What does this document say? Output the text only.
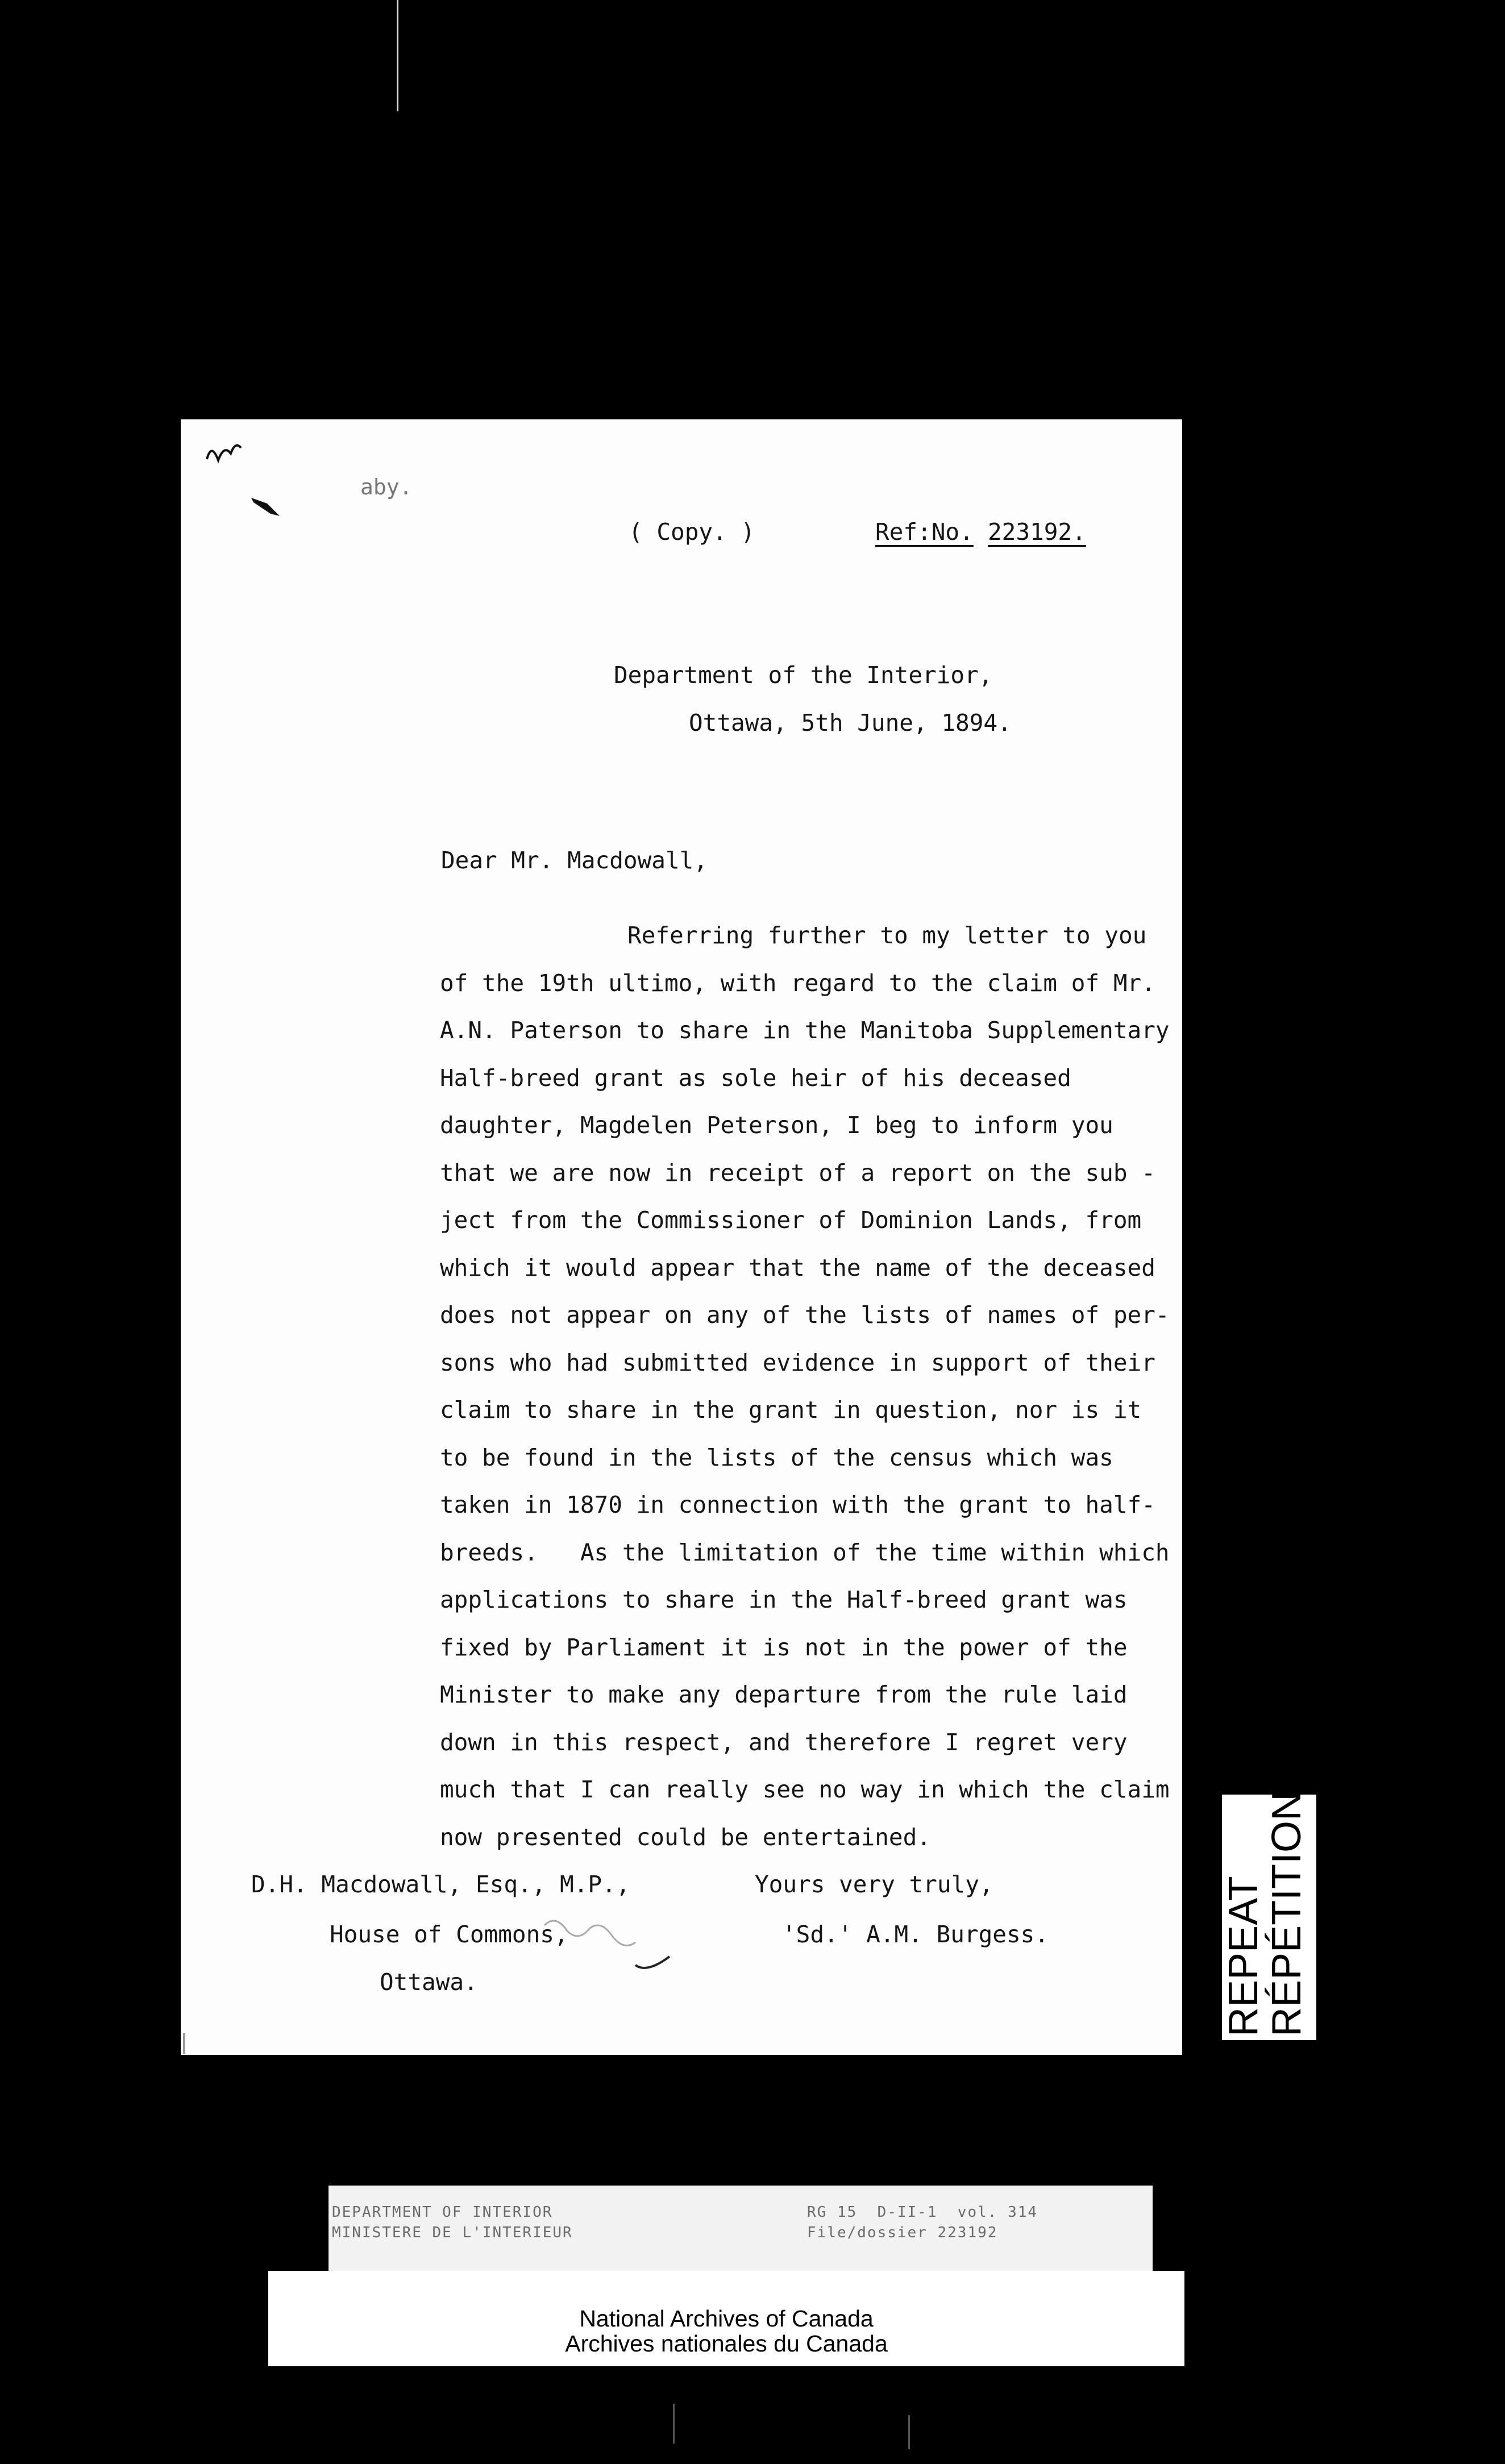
aby.
( Copy. )	Ref:No. 223192.
Department of the Interior,
Ottawa, 5th June, 1894.
Dear Mr. Macdowall,
Referring further to my letter to you
of the 19th ultimo, with regard to the claim of Mr.
A.N. Paterson to share in the Manitoba Supplementary
Half-breed grant as sole heir of his deceased
daughter, Magdelen Peterson, I beg to inform you
that we are now in receipt of a report on the sub -
ject from the Commissioner of Dominion Lands, from
which it would appear that the name of the deceased
does not appear on any of the lists of names of per-
sons who had submitted evidence in support of their
claim to share in the grant in question, nor is it
to be found in the lists of the census which was
taken in 1870 in connection with the grant to half-
breeds.   As the limitation of the time within which
applications to share in the Half-breed grant was
fixed by Parliament it is not in the power of the
Minister to make any departure from the rule laid
down in this respect, and therefore I regret very
much that I can really see no way in which the claim
now presented could be entertained.
D.H. Macdowall, Esq., M.P.,
House of Commons,
Ottawa.
Yours very truly,
'Sd.' A.M. Burgess.	REPEAT
RÉPÉTITION
DEPARTMENT OF INTERIOR
MINISTERE DE L'INTERIEUR
RG 15  D-II-1  vol. 314
File/dossier 223192
National Archives of Canada
Archives nationales du Canada
